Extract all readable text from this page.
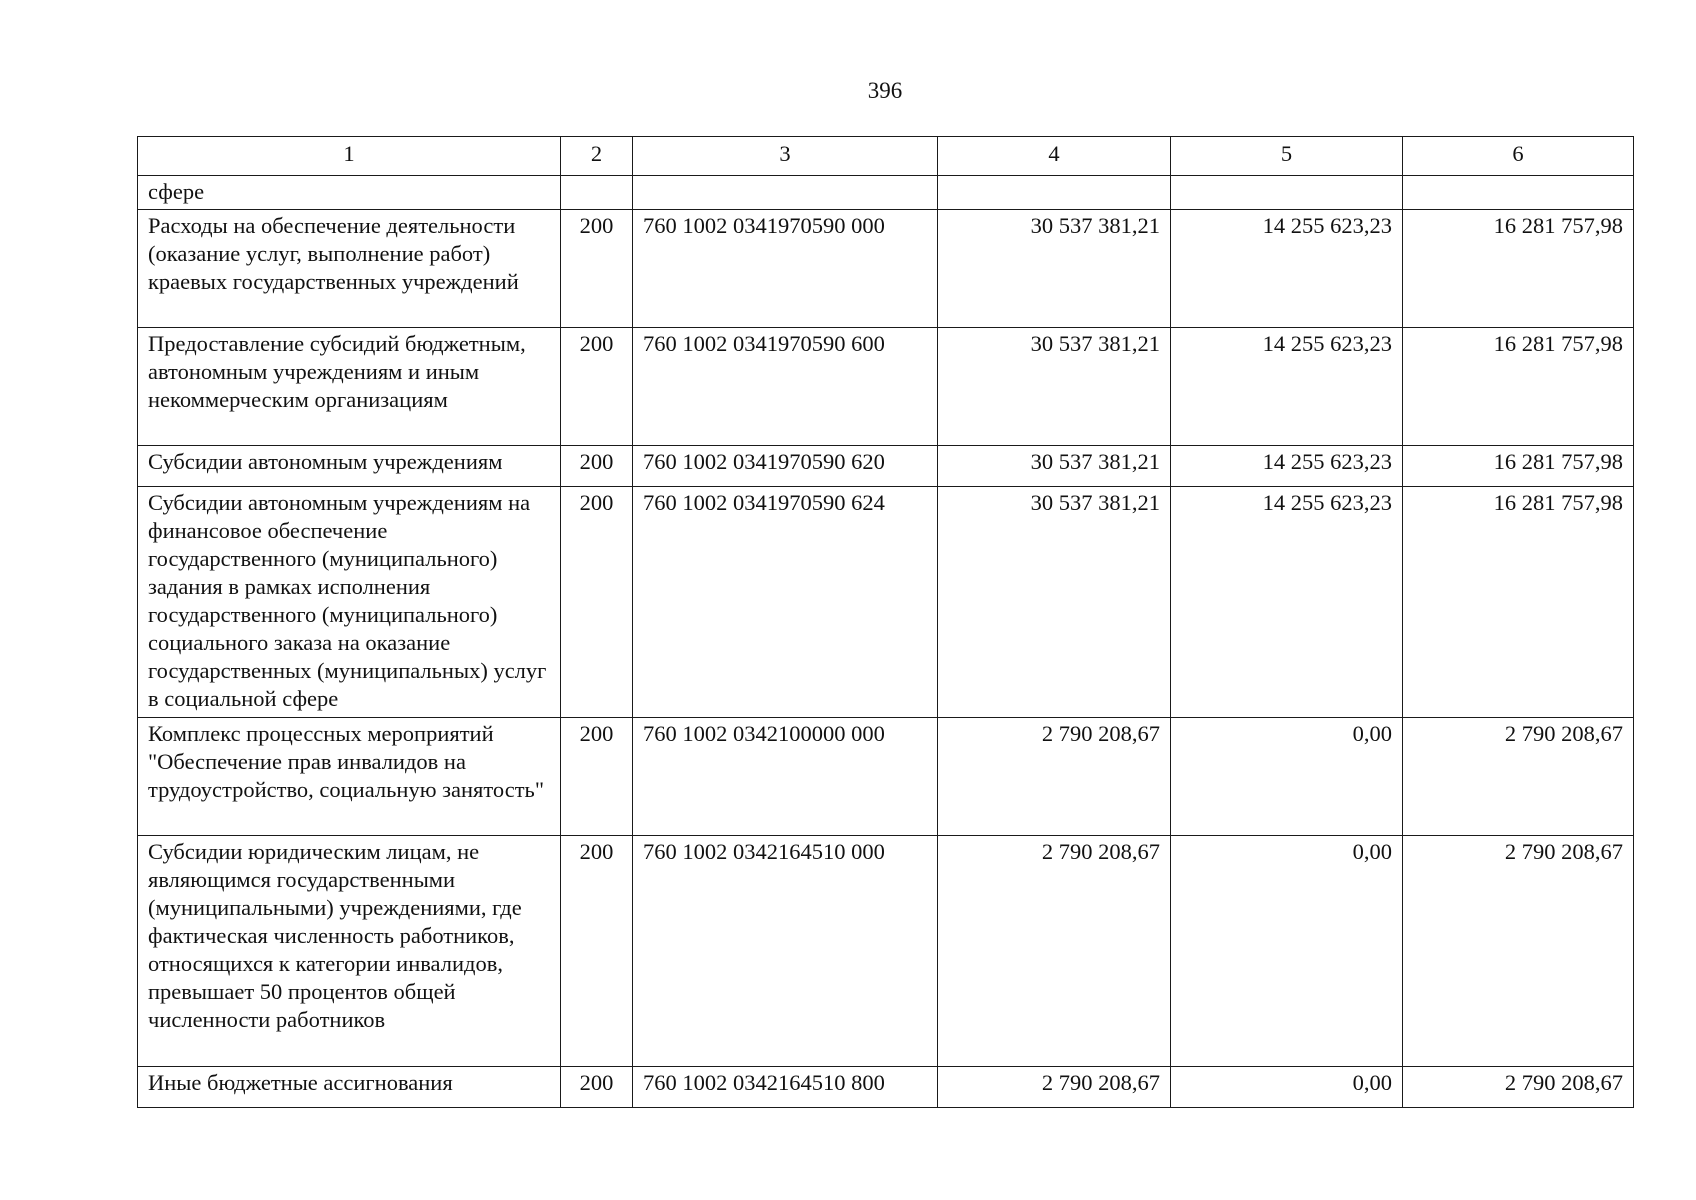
396
1	2	3	4	5	6
сфере					
Расходы на обеспечение деятельности (оказание услуг, выполнение работ) краевых государственных учреждений	200	760 1002 0341970590 000	30 537 381,21	14 255 623,23	16 281 757,98
Предоставление субсидий бюджетным, автономным учреждениям и иным некоммерческим организациям	200	760 1002 0341970590 600	30 537 381,21	14 255 623,23	16 281 757,98
Субсидии автономным учреждениям	200	760 1002 0341970590 620	30 537 381,21	14 255 623,23	16 281 757,98
Субсидии автономным учреждениям на финансовое обеспечение государственного (муниципального) задания в рамках исполнения государственного (муниципального) социального заказа на оказание государственных (муниципальных) услуг в социальной сфере	200	760 1002 0341970590 624	30 537 381,21	14 255 623,23	16 281 757,98
Комплекс процессных мероприятий "Обеспечение прав инвалидов на трудоустройство, социальную занятость"	200	760 1002 0342100000 000	2 790 208,67	0,00	2 790 208,67
Субсидии юридическим лицам, не являющимся государственными (муниципальными) учреждениями, где фактическая численность работников, относящихся к категории инвалидов, превышает 50 процентов общей численности работников	200	760 1002 0342164510 000	2 790 208,67	0,00	2 790 208,67
Иные бюджетные ассигнования	200	760 1002 0342164510 800	2 790 208,67	0,00	2 790 208,67
